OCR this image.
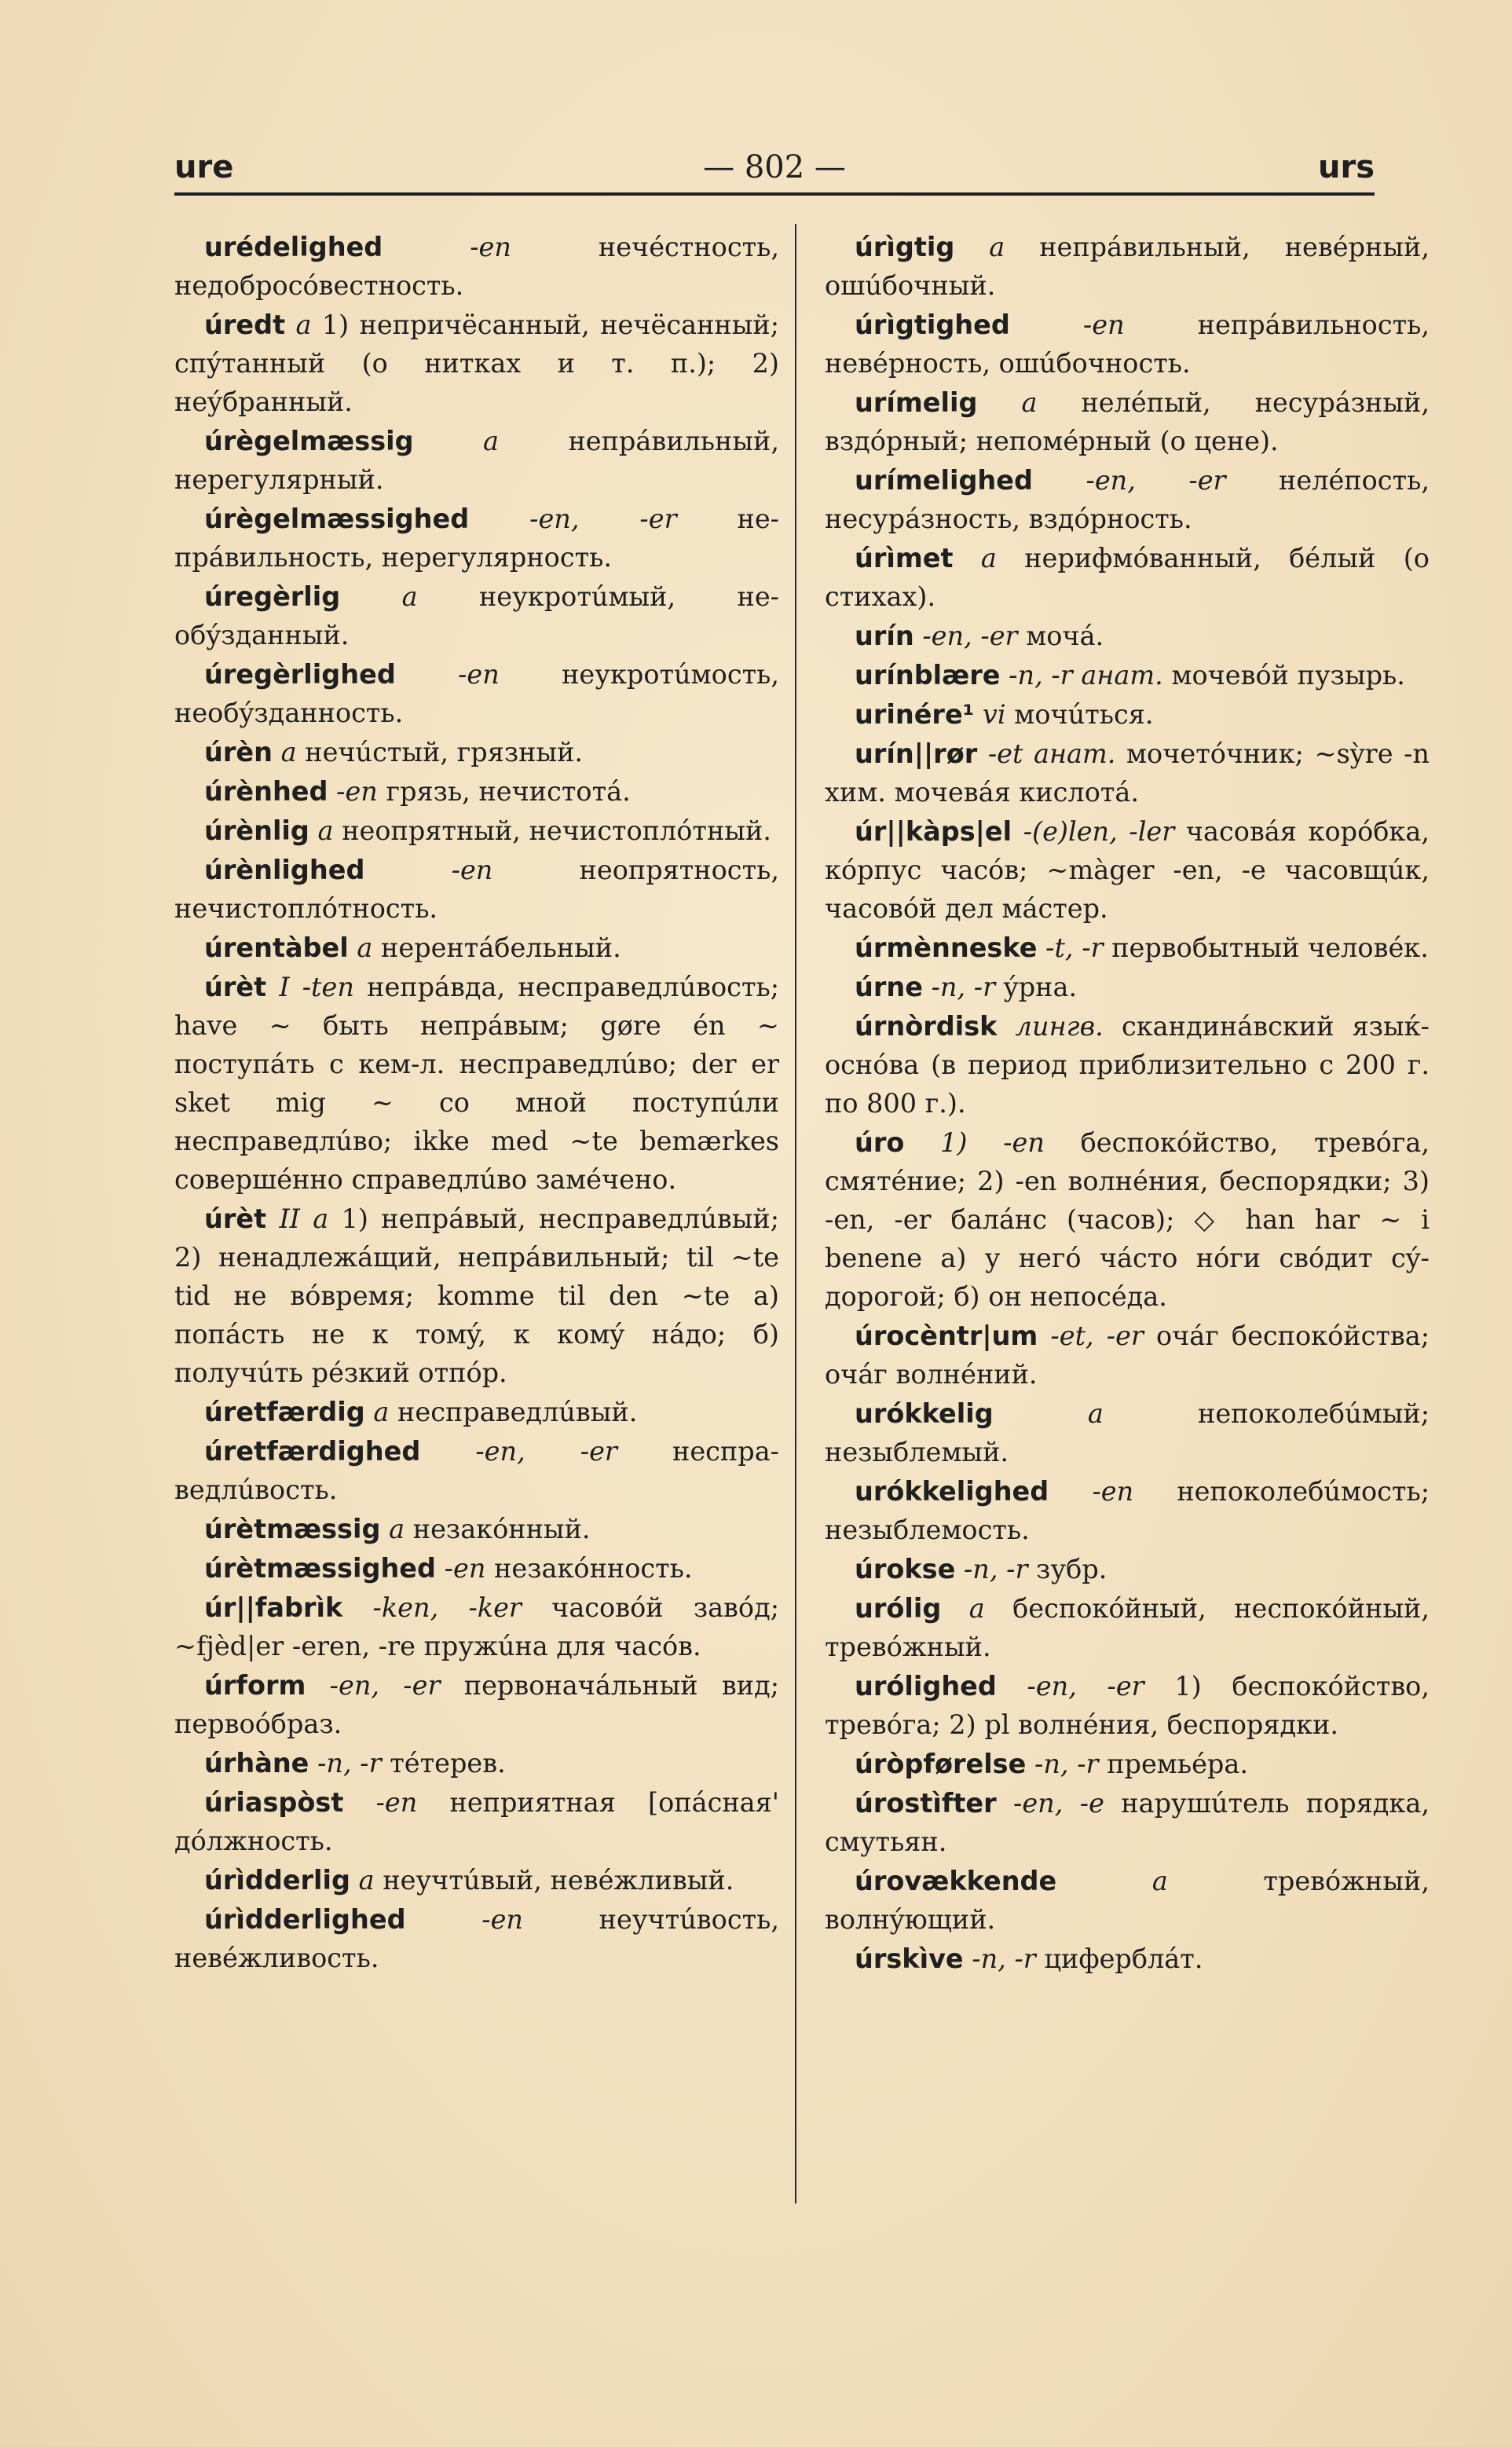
ure	— 802 —	urs

urédelighed	-en	нечéстность, недобросóвестность.

úredt a 1) непричёсанный, нечёсанный; спýтанный (о нитках и т. п.); 2) неýбранный.

úrègelmæssig	a	непрáвильный, нерегулярный.

úrègelmæssighed -en, -er непрáвильность, нерегулярность.

úregèrlig a неукротúмый, необýзданный.

úregèrlighed -en неукротúмость, необýзданность.

úrèn a нечúстый, грязный.

úrènhed -en грязь, нечистотá.

úrènlig a неопрятный, нечистоплóтный.

úrènlighed	-en	неопрятность, нечистоплóтность.

úrentàbel a нерентáбельный.

úrèt I -ten непрáвда, несправедлúвость; have ~ быть непрáвым; gøre én ~ поступáть с кем-л. несправедлúво; der er sket mig ~ со мной поступúли несправедлúво; ikke med ~te bemærkes совершéнно справедлúво замéчено.

úrèt II a 1) непрáвый, несправедлúвый; 2) ненадлежáщий, непрáвильный; til ~te tid не вóвремя; komme til den ~te a) попáсть не к томý, к комý нáдо; б) получúть рéзкий отпóр.

úretfærdig a несправедлúвый.

úretfærdighed -en, -er несправедлúвость.

úrètmæssig a незакóнный.

úrètmæssighed -en незакóнность.

úr||fabrìk -ken, -ker часовóй завóд; ~fjèd|er -eren, -re пружúна для часóв.

úrform -en, -er первоначáльный вид; первоóбраз.

úrhàne -n, -r тéтерев.

úriaspòst -en неприятная [опáсная' дóлжность.

úrìdderlig a неучтúвый, невéжливый.

úrìdderlighed	-en	неучтúвость, невéжливость.

úrìgtig a непрáвильный, невéрный, ошúбочный.

úrìgtighed	-en	непрáвильность, невéрность, ошúбочность.

urímelig a нелéпый, несурáзный, вздóрный; непомéрный (о цене).

urímelighed -en, -er нелéпость, несурáзность, вздóрность.

úrìmet a нерифмóванный, бéлый (о стихах).

urín -en, -er мочá.

urínblære -n, -r анат. мочевóй пузырь.

urinére¹ vi мочúться.

urín||rør -et анат. мочетóчник; ~sỳre -n хим. мочевáя кислотá.

úr||kàps|el -(e)len, -ler часовáя корóбка, кóрпус часóв; ~màger -en, -e часовщúк, часовóй дел мáстер.

úrmènneske -t, -r первобытный человéк.

úrne -n, -r ýрна.

úrnòrdisk лингв. скандинáвский языќ-оснóва (в период приблизительно с 200 г. по 800 г.).

úro 1) -en беспокóйство, тревóга, смятéние; 2) -en волнéния, беспорядки; 3) -en, -er балáнс (часов); ◇ han har ~ i benene а) у негó чáсто нóги свóдит сýдорогой; б) он непосéда.

úrocèntr|um -et, -er очáг беспокóйства; очáг волнéний.

urókkelig	a	непоколебúмый; незыблемый.

urókkelighed -en непоколебúмость; незыблемость.

úrokse -n, -r зубр.

urólig a беспокóйный, неспокóйный, тревóжный.

uróli̇ghed -en, -er 1) беспокóйство, тревóга; 2) pl волнéния, беспорядки.

úròpførelse -n, -r премьéра.

úrostìfter -en, -e нарушúтель порядка, смутьян.

úrovækkende	a	тревóжный, волнýющий.

úrskìve -n, -r цифербла́т.
